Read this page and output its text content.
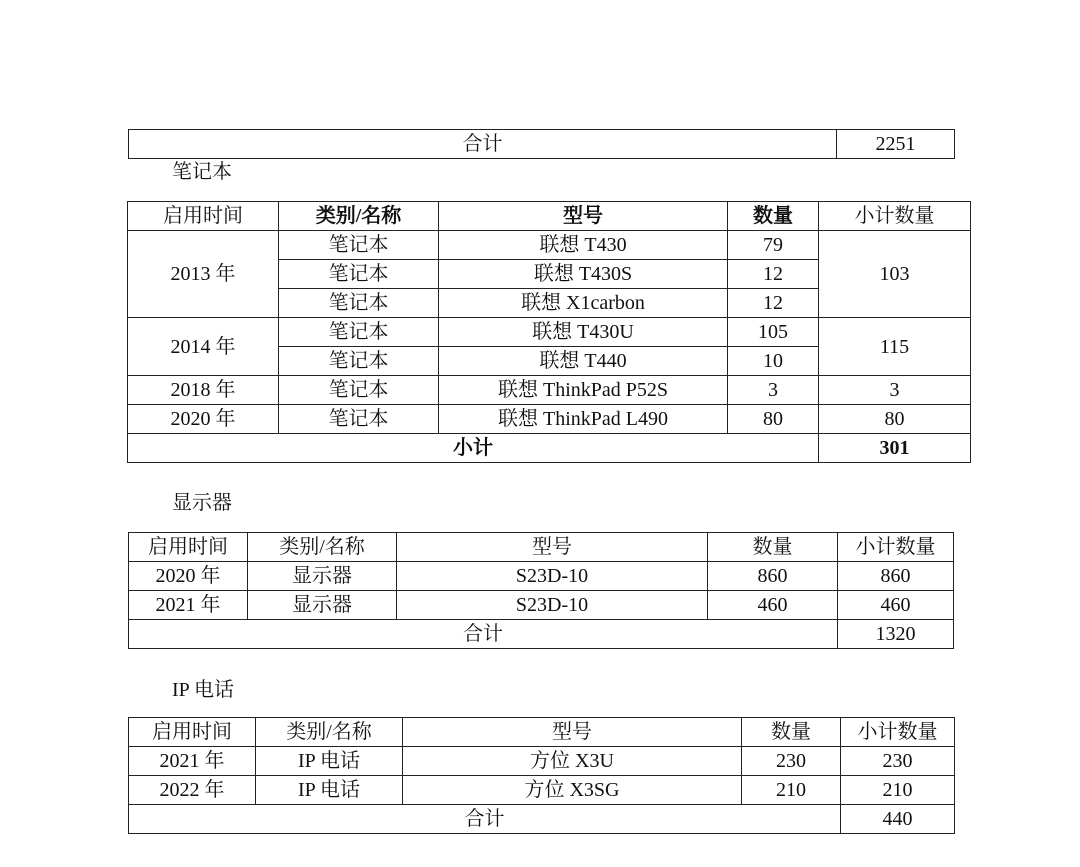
合计	2251
笔记本
启用时间	类别/名称	型号	数量	小计数量
2013 年	笔记本	联想 T430	79	103
	笔记本	联想 T430S	12	
	笔记本	联想 X1carbon	12	
2014 年	笔记本	联想 T430U	105	115
	笔记本	联想 T440	10	
2018 年	笔记本	联想 ThinkPad P52S	3	3
2020 年	笔记本	联想 ThinkPad L490	80	80
小计				301
显示器
启用时间	类别/名称	型号	数量	小计数量
2020 年	显示器	S23D-10	860	860
2021 年	显示器	S23D-10	460	460
合计				1320
IP 电话
启用时间	类别/名称	型号	数量	小计数量
2021 年	IP 电话	方位 X3U	230	230
2022 年	IP 电话	方位 X3SG	210	210
合计				440
